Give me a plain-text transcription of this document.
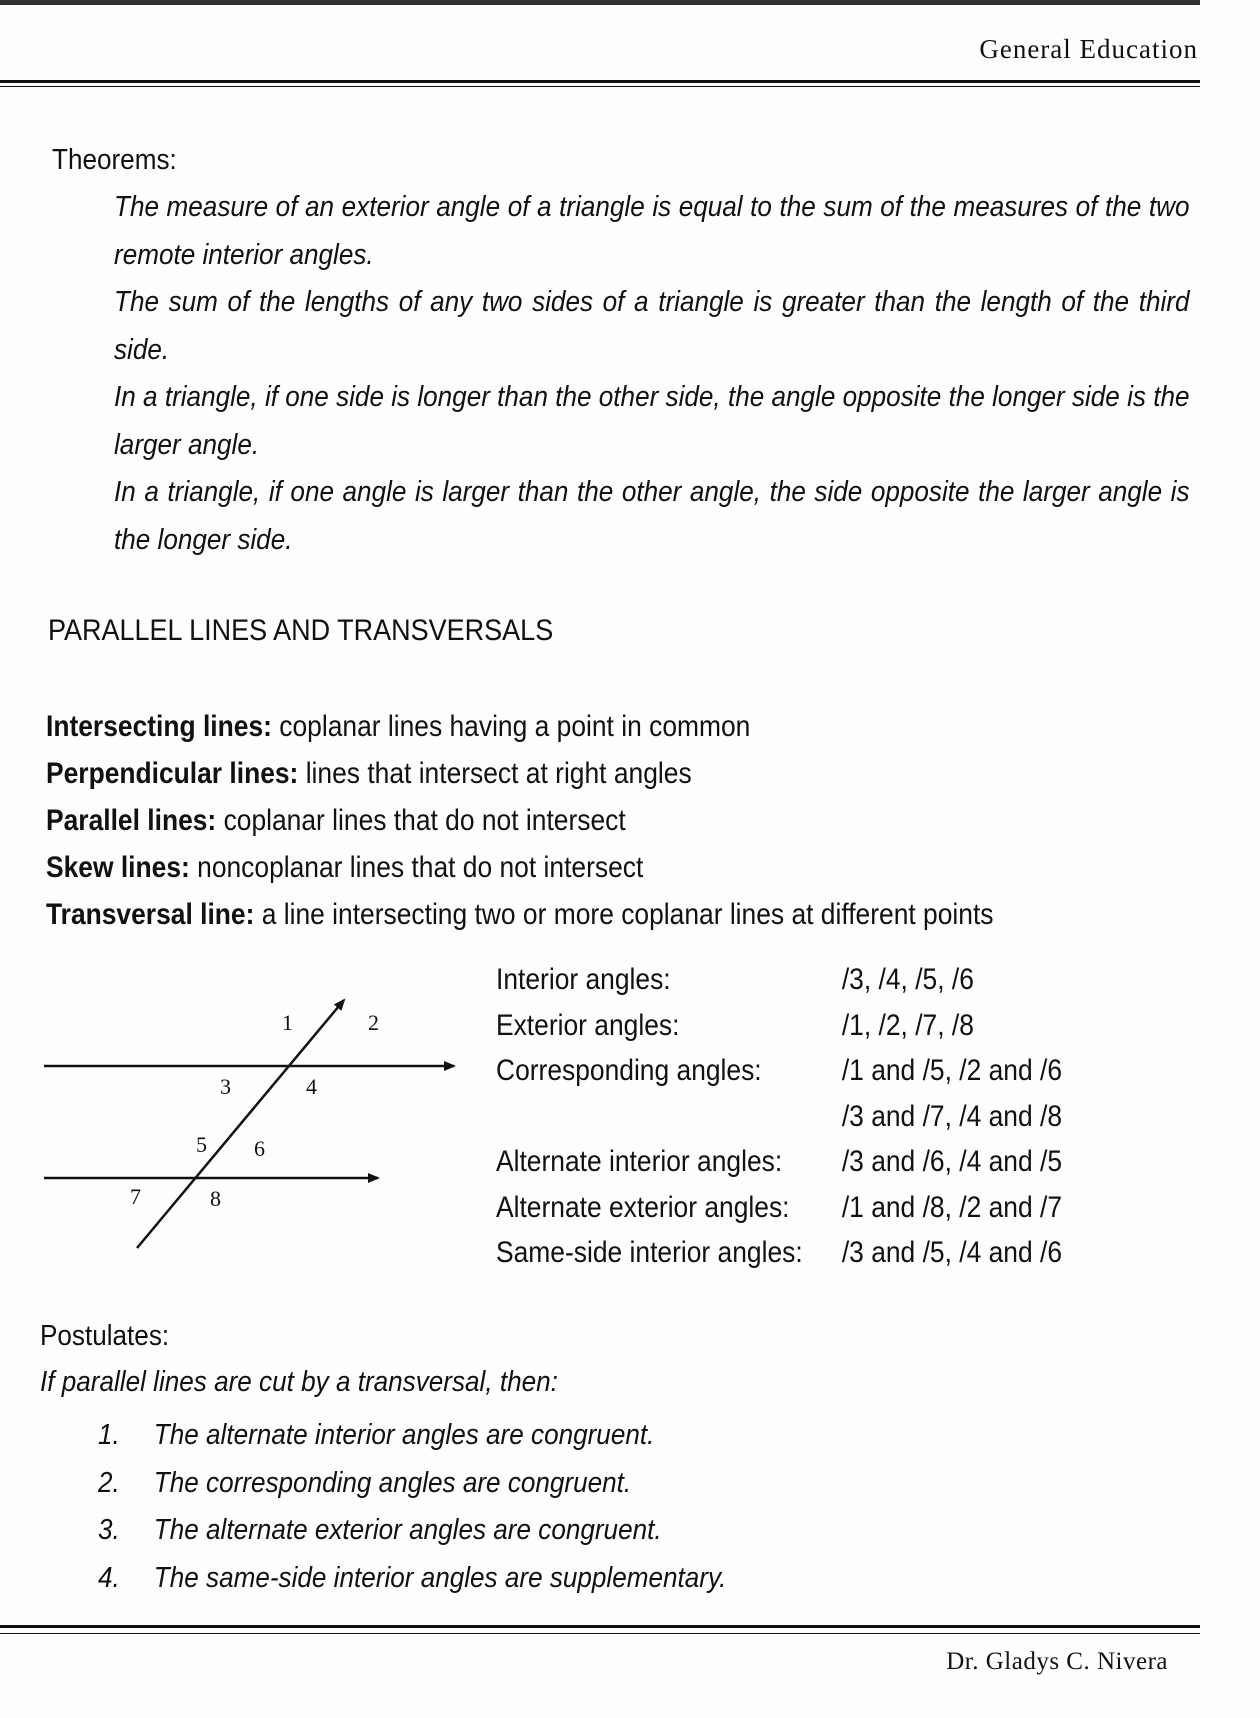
General Education
Theorems:
The measure of an exterior angle of a triangle is equal to the sum of the measures of the two remote interior angles.
The sum of the lengths of any two sides of a triangle is greater than the length of the third side.
In a triangle, if one side is longer than the other side, the angle opposite the longer side is the larger angle.
In a triangle, if one angle is larger than the other angle, the side opposite the larger angle is the longer side.
PARALLEL LINES AND TRANSVERSALS
Intersecting lines: coplanar lines having a point in common
Perpendicular lines: lines that intersect at right angles
Parallel lines: coplanar lines that do not intersect
Skew lines: noncoplanar lines that do not intersect
Transversal line: a line intersecting two or more coplanar lines at different points
1	2
3	4
5 6
7	8
Interior angles:	/3, /4, /5, /6
Exterior angles:	/1, /2, /7, /8
Corresponding angles:	/1 and /5, /2 and /6
	/3 and /7, /4 and /8
Alternate interior angles:	/3 and /6, /4 and /5
Alternate exterior angles:	/1 and /8, /2 and /7
Same-side interior angles:	/3 and /5, /4 and /6
Postulates:
If parallel lines are cut by a transversal, then:
1. The alternate interior angles are congruent.
2. The corresponding angles are congruent.
3. The alternate exterior angles are congruent.
4. The same-side interior angles are supplementary.
Dr. Gladys C. Nivera
